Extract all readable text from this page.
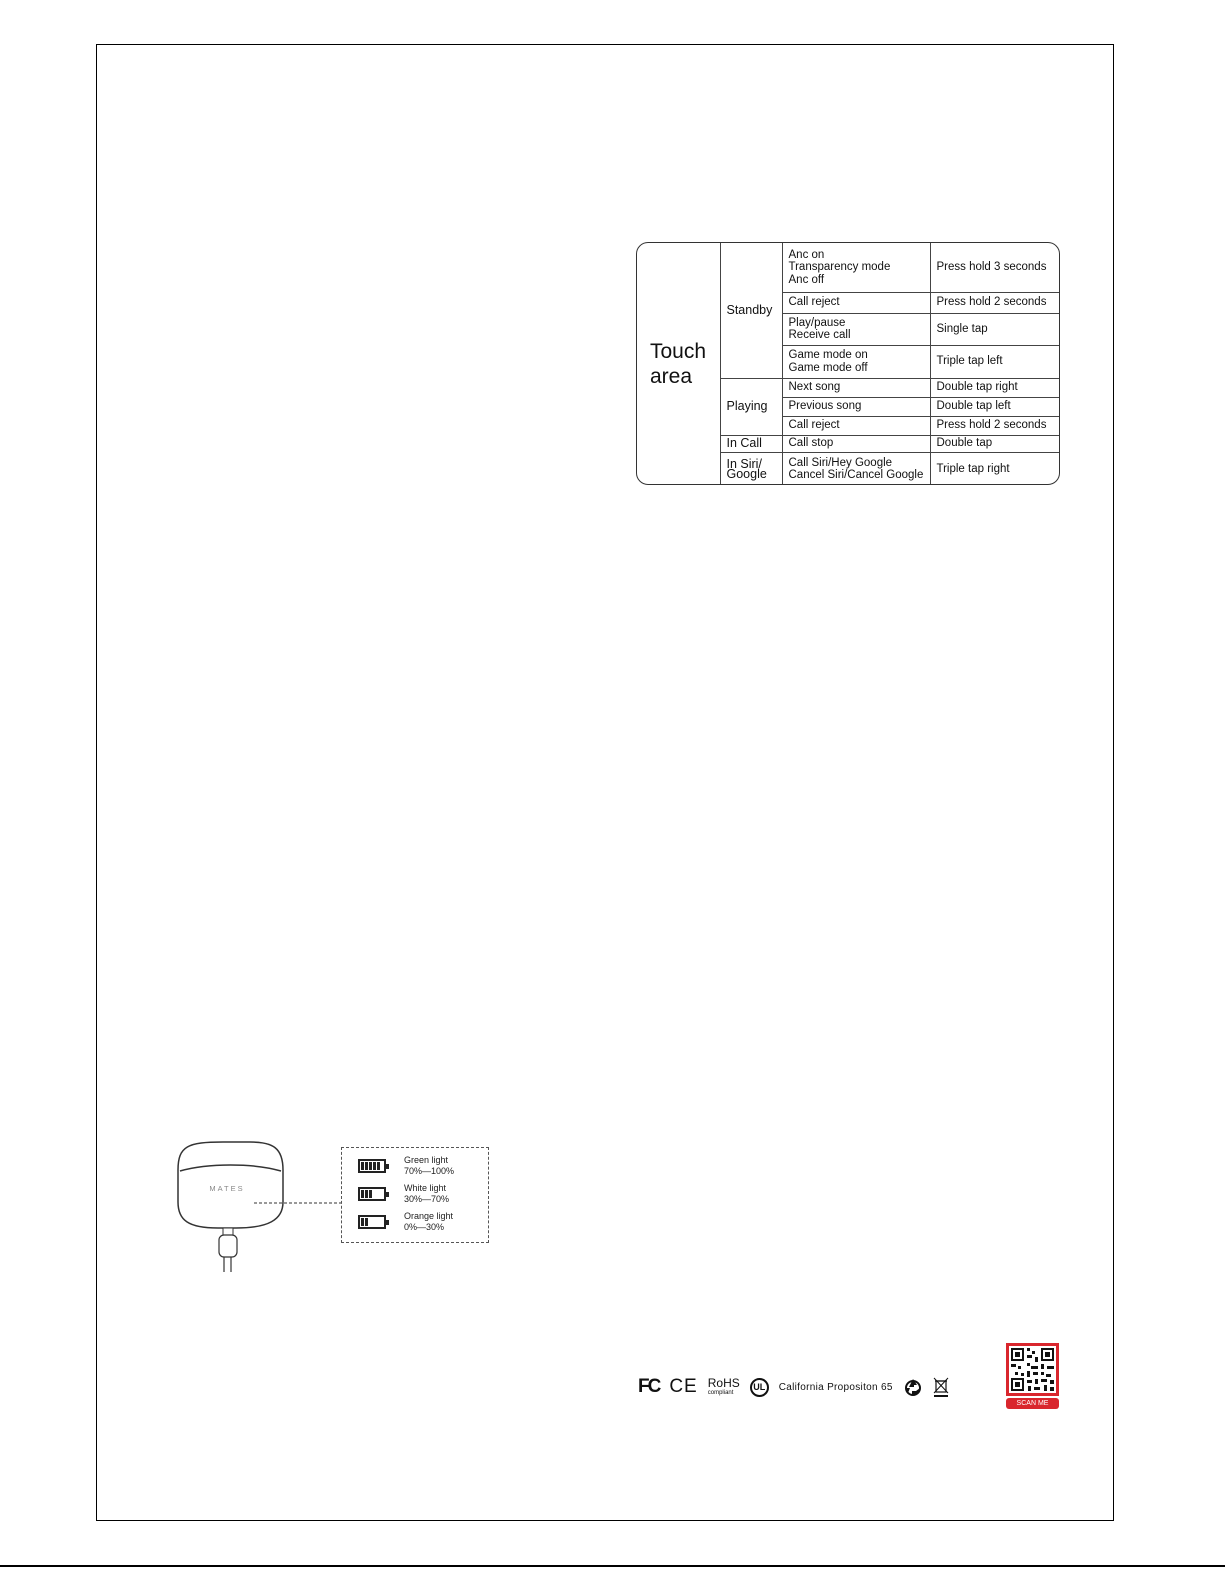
Touch
area	Standby	Anc on
Transparency mode
Anc off	Press hold 3 seconds

		Call reject	Press hold 2 seconds

		Play/pause
Receive call	Single tap

		Game mode on
Game mode off	Triple tap left
	Playing	Next song	Double tap right

		Previous song	Double tap left

		Call reject	Press hold 2 seconds
	In Call	Call stop	Double tap
	In Siri/
Google	Call Siri/Hey Google
Cancel Siri/Cancel Google	Triple tap right
MATES
Green light
70%—100%
White light
30%—70%
Orange light
0%—30%
FC CE RoHS
compliant
UL	California Propositon 65
SCAN ME
